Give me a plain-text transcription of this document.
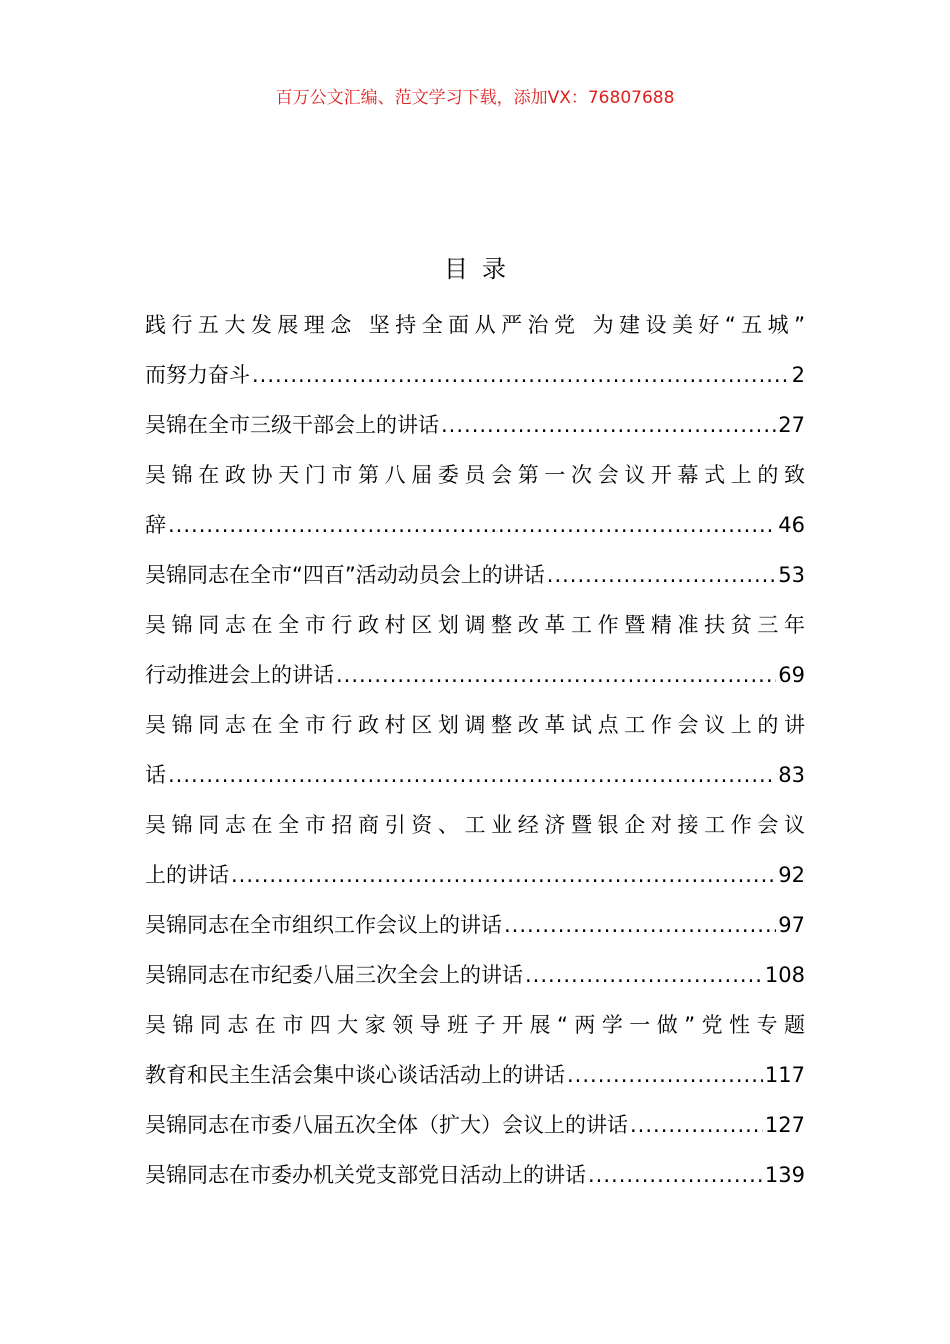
百万公文汇编、范文学习下载，添加VX：76807688
目录
践行五大发展理念 坚持全面从严治党 为建设美好“五城”
而努力奋斗 .....	2
吴锦在全市三级干部会上的讲话 .....	27
吴锦在政协天门市第八届委员会第一次会议开幕式上的致
辞 .....	46
吴锦同志在全市“四百”活动动员会上的讲话 .....	53
吴锦同志在全市行政村区划调整改革工作暨精准扶贫三年
行动推进会上的讲话 .....	69
吴锦同志在全市行政村区划调整改革试点工作会议上的讲
话 .....	83
吴锦同志在全市招商引资、工业经济暨银企对接工作会议
上的讲话 .....	92
吴锦同志在全市组织工作会议上的讲话 .....	97
吴锦同志在市纪委八届三次全会上的讲话 .....	108
吴锦同志在市四大家领导班子开展“两学一做”党性专题
教育和民主生活会集中谈心谈话活动上的讲话 .....	117
吴锦同志在市委八届五次全体（扩大）会议上的讲话 .....	127
吴锦同志在市委办机关党支部党日活动上的讲话 .....	139
